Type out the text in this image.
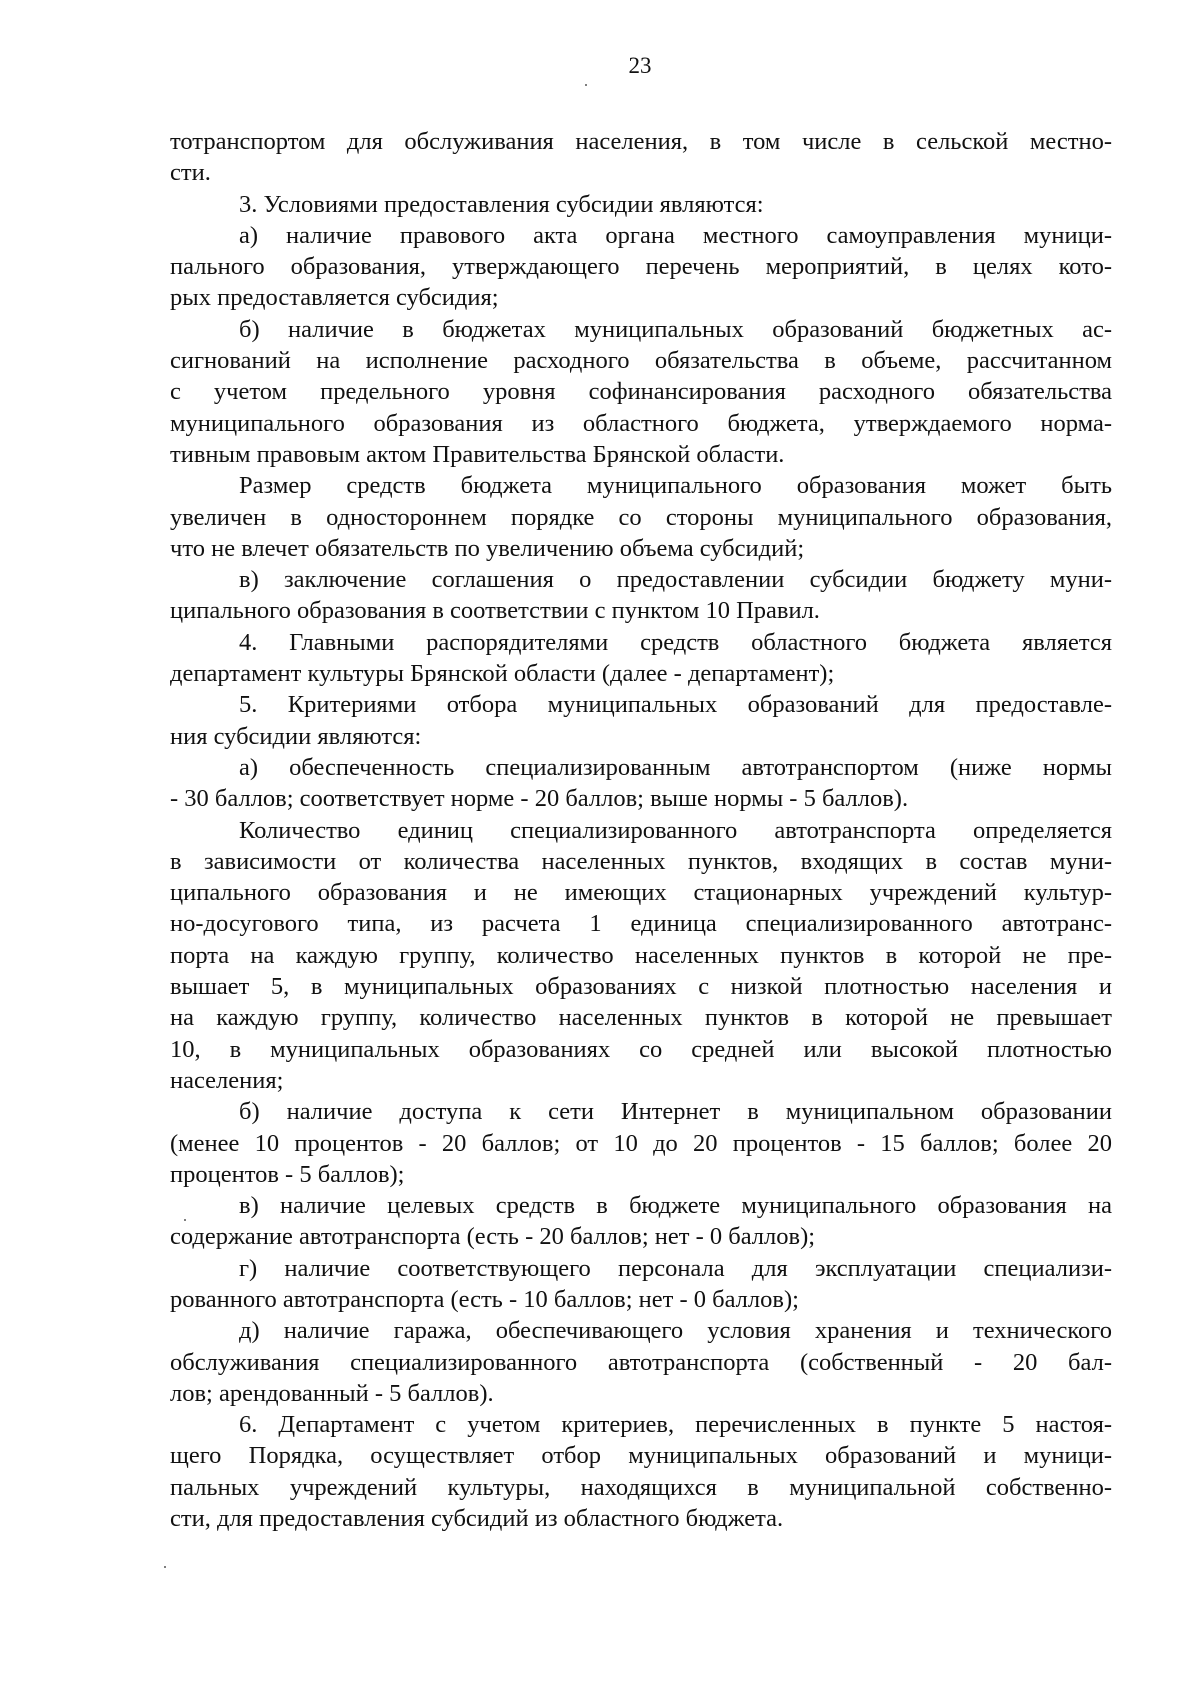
23
тотранспортом для обслуживания населения, в том числе в сельской местно-
сти.
3. Условиями предоставления субсидии являются:
а) наличие правового акта органа местного самоуправления муници-
пального образования, утверждающего перечень мероприятий, в целях кото-
рых предоставляется субсидия;
б) наличие в бюджетах муниципальных образований бюджетных ас-
сигнований на исполнение расходного обязательства в объеме, рассчитанном
с учетом предельного уровня софинансирования расходного обязательства
муниципального образования из областного бюджета, утверждаемого норма-
тивным правовым актом Правительства Брянской области.
Размер средств бюджета муниципального образования может быть
увеличен в одностороннем порядке со стороны муниципального образования,
что не влечет обязательств по увеличению объема субсидий;
в) заключение соглашения о предоставлении субсидии бюджету муни-
ципального образования в соответствии с пунктом 10 Правил.
4. Главными распорядителями средств областного бюджета является
департамент культуры Брянской области (далее - департамент);
5. Критериями отбора муниципальных образований для предоставле-
ния субсидии являются:
а) обеспеченность специализированным автотранспортом (ниже нормы
- 30 баллов; соответствует норме - 20 баллов; выше нормы - 5 баллов).
Количество единиц специализированного автотранспорта определяется
в зависимости от количества населенных пунктов, входящих в состав муни-
ципального образования и не имеющих стационарных учреждений культур-
но-досугового типа, из расчета 1 единица специализированного автотранс-
порта на каждую группу, количество населенных пунктов в которой не пре-
вышает 5, в муниципальных образованиях с низкой плотностью населения и
на каждую группу, количество населенных пунктов в которой не превышает
10, в муниципальных образованиях со средней или высокой плотностью
населения;
б) наличие доступа к сети Интернет в муниципальном образовании
(менее 10 процентов - 20 баллов; от 10 до 20 процентов - 15 баллов; более 20
процентов - 5 баллов);
в) наличие целевых средств в бюджете муниципального образования на
содержание автотранспорта (есть - 20 баллов; нет - 0 баллов);
г) наличие соответствующего персонала для эксплуатации специализи-
рованного автотранспорта (есть - 10 баллов; нет - 0 баллов);
д) наличие гаража, обеспечивающего условия хранения и технического
обслуживания специализированного автотранспорта (собственный - 20 бал-
лов; арендованный - 5 баллов).
6. Департамент с учетом критериев, перечисленных в пункте 5 настоя-
щего Порядка, осуществляет отбор муниципальных образований и муници-
пальных учреждений культуры, находящихся в муниципальной собственно-
сти, для предоставления субсидий из областного бюджета.
